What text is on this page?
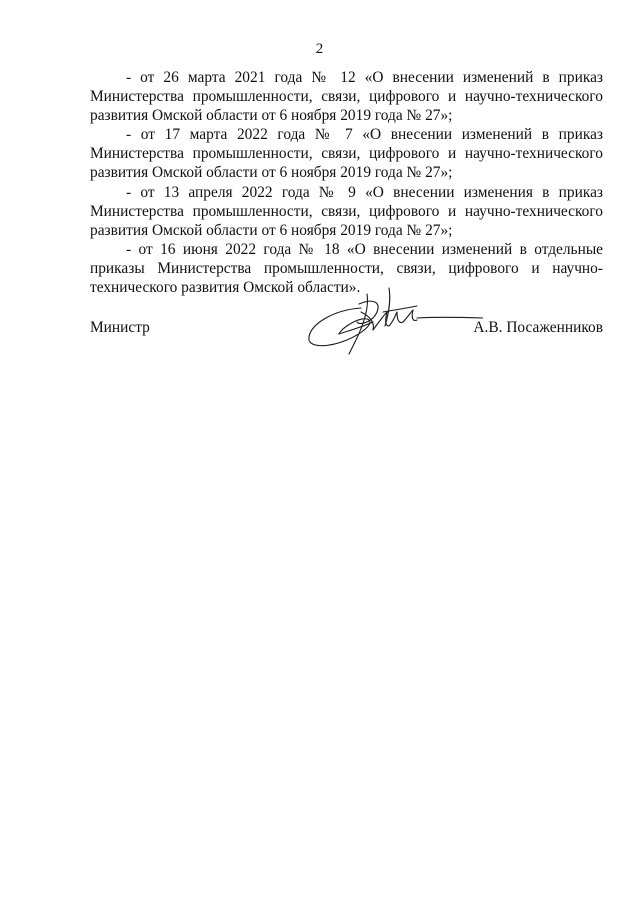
2

- от 26 марта 2021 года № 12 «О внесении изменений в приказ Министерства промышленности, связи, цифрового и научно-технического развития Омской области от 6 ноября 2019 года № 27»;

- от 17 марта 2022 года № 7 «О внесении изменений в приказ Министерства промышленности, связи, цифрового и научно-технического развития Омской области от 6 ноября 2019 года № 27»;

- от 13 апреля 2022 года № 9 «О внесении изменения в приказ Министерства промышленности, связи, цифрового и научно-технического развития Омской области от 6 ноября 2019 года № 27»;

- от 16 июня 2022 года № 18 «О внесении изменений в отдельные приказы Министерства промышленности, связи, цифрового и научно-технического развития Омской области».

Министр	А.В. Посаженников
